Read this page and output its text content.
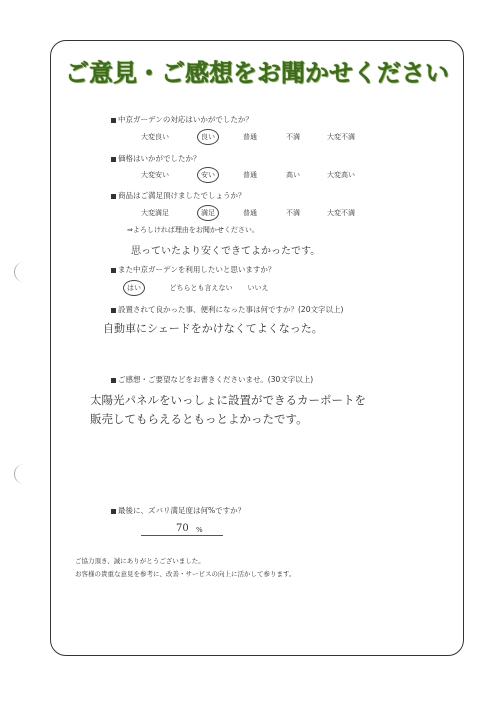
ご意見・ご感想をお聞かせください
中京ガーデンの対応はいかがでしたか？
大変良い	良い	普通	不満	大変不満
価格はいかがでしたか？
大変安い	安い	普通	高い	大変高い
商品はご満足頂けましたでしょうか？
大変満足	満足	普通	不満	大変不満
⇒よろしければ理由をお聞かせください。
思っていたより安くできてよかったです。
また中京ガーデンを利用したいと思いますか？
はい	どちらとも言えない いいえ
設置されて良かった事、便利になった事は何ですか？(20文字以上)
自動車にシェードをかけなくてよくなった。
ご感想・ご要望などをお書きくださいませ。(30文字以上)
太陽光パネルをいっしょに設置ができるカーポートを
販売してもらえるともっとよかったです。
最後に、ズバリ満足度は何%ですか？
70 %
ご協力頂き、誠にありがとうございました。
お客様の貴重な意見を参考に、改善・サービスの向上に活かして参ります。
